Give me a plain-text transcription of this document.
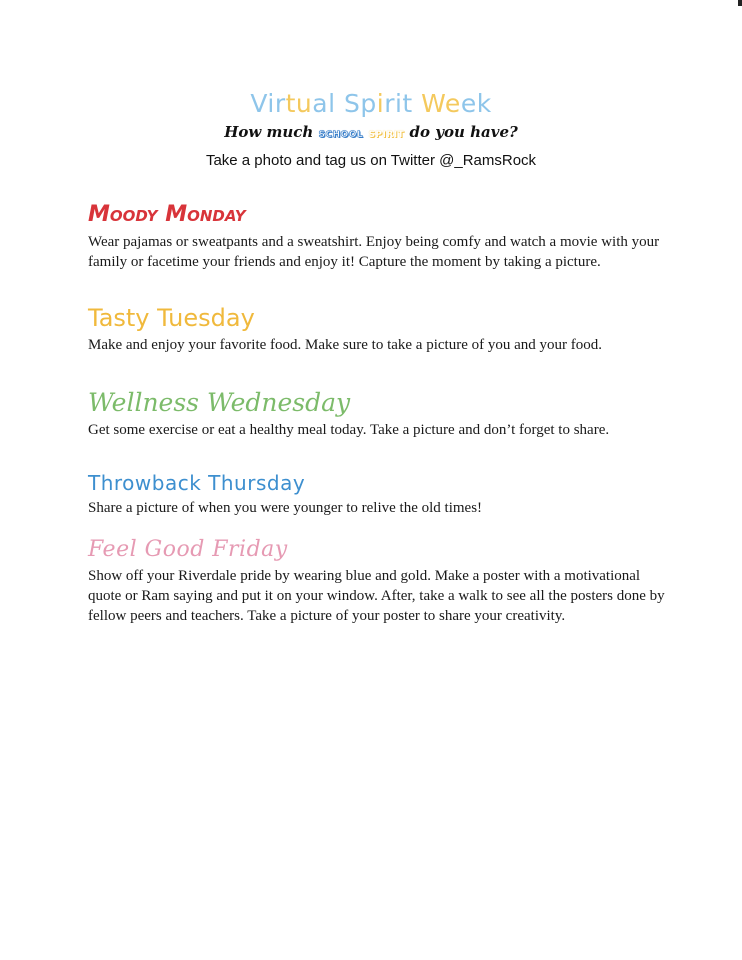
Virtual Spirit Week
How much SCHOOL SPIRIT do you have?
Take a photo and tag us on Twitter @_RamsRock
Moody Monday

Wear pajamas or sweatpants and a sweatshirt. Enjoy being comfy and watch a movie with your family or facetime your friends and enjoy it! Capture the moment by taking a picture.

Tasty Tuesday

Make and enjoy your favorite food. Make sure to take a picture of you and your food.

Wellness Wednesday

Get some exercise or eat a healthy meal today. Take a picture and don’t forget to share.

Throwback Thursday

Share a picture of when you were younger to relive the old times!

Feel Good Friday

Show off your Riverdale pride by wearing blue and gold. Make a poster with a motivational quote or Ram saying and put it on your window. After, take a walk to see all the posters done by fellow peers and teachers. Take a picture of your poster to share your creativity.
